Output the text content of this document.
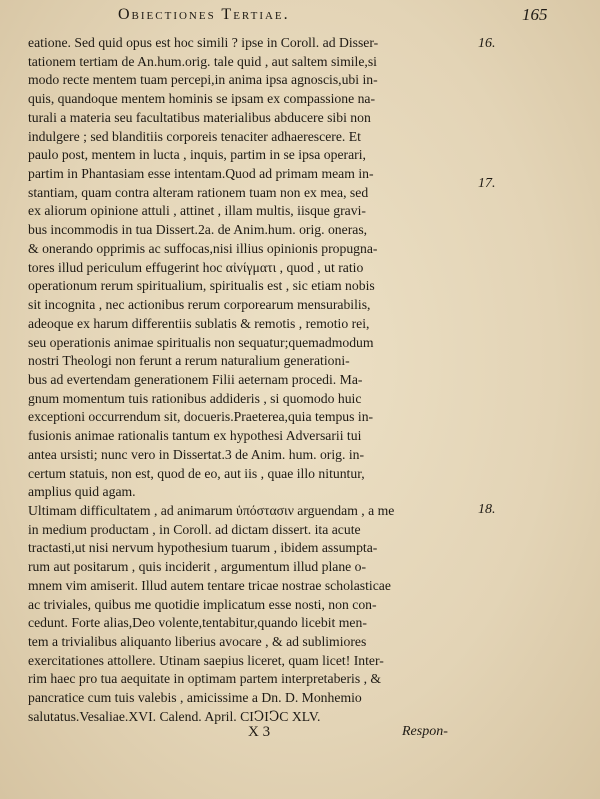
Obiectiones Tertiae.	165
eatione. Sed quid opus est hoc simili ? ipse in Coroll. ad Disser-
tationem tertiam de An.hum.orig. tale quid , aut saltem simile,si
modo recte mentem tuam percepi,in anima ipsa agnoscis,ubi in-
quis, quandoque mentem hominis se ipsam ex compassione na-
turali a materia seu facultatibus materialibus abducere sibi non
indulgere ; sed blanditiis corporeis tenaciter adhaerescere. Et
paulo post, mentem in lucta , inquis, partim in se ipsa operari,
partim in Phantasiam esse intentam.Quod ad primam meam in-
stantiam, quam contra alteram rationem tuam non ex mea, sed
ex aliorum opinione attuli , attinet , illam multis, iisque gravi-
bus incommodis in tua Dissert.2a. de Anim.hum. orig. oneras,
& onerando opprimis ac suffocas,nisi illius opinionis propugna-
tores illud periculum effugerint hoc αἰνίγματι , quod , ut ratio
operationum rerum spiritualium, spiritualis est , sic etiam nobis
sit incognita , nec actionibus rerum corporearum mensurabilis,
adeoque ex harum differentiis sublatis & remotis , remotio rei,
seu operationis animae spiritualis non sequatur;quemadmodum
nostri Theologi non ferunt a rerum naturalium generationi-
bus ad evertendam generationem Filii aeternam procedi. Ma-
gnum momentum tuis rationibus addideris , si quomodo huic
exceptioni occurrendum sit, docueris.Praeterea,quia tempus in-
fusionis animae rationalis tantum ex hypothesi Adversarii tui
antea ursisti; nunc vero in Dissertat.3 de Anim. hum. orig. in-
certum statuis, non est, quod de eo, aut iis , quae illo nituntur,
amplius quid agam.
Ultimam difficultatem , ad animarum ὑπόστασιν arguendam , a me
in medium productam , in Coroll. ad dictam dissert. ita acute
tractasti,ut nisi nervum hypothesium tuarum , ibidem assumpta-
rum aut positarum , quis inciderit , argumentum illud plane o-
mnem vim amiserit. Illud autem tentare tricae nostrae scholasticae
ac triviales, quibus me quotidie implicatum esse nosti, non con-
cedunt. Forte alias,Deo volente,tentabitur,quando licebit men-
tem a trivialibus aliquanto liberius avocare , & ad sublimiores
exercitationes attollere. Utinam saepius liceret, quam licet! Inter-
rim haec pro tua aequitate in optimam partem interpretaberis , &
pancratice cum tuis valebis , amicissime a Dn. D. Monhemio
salutatus.Vesaliae.XVI. Calend. April. CIↃIↃC XLV.
16.
17.
18.
X 3	Respon-
